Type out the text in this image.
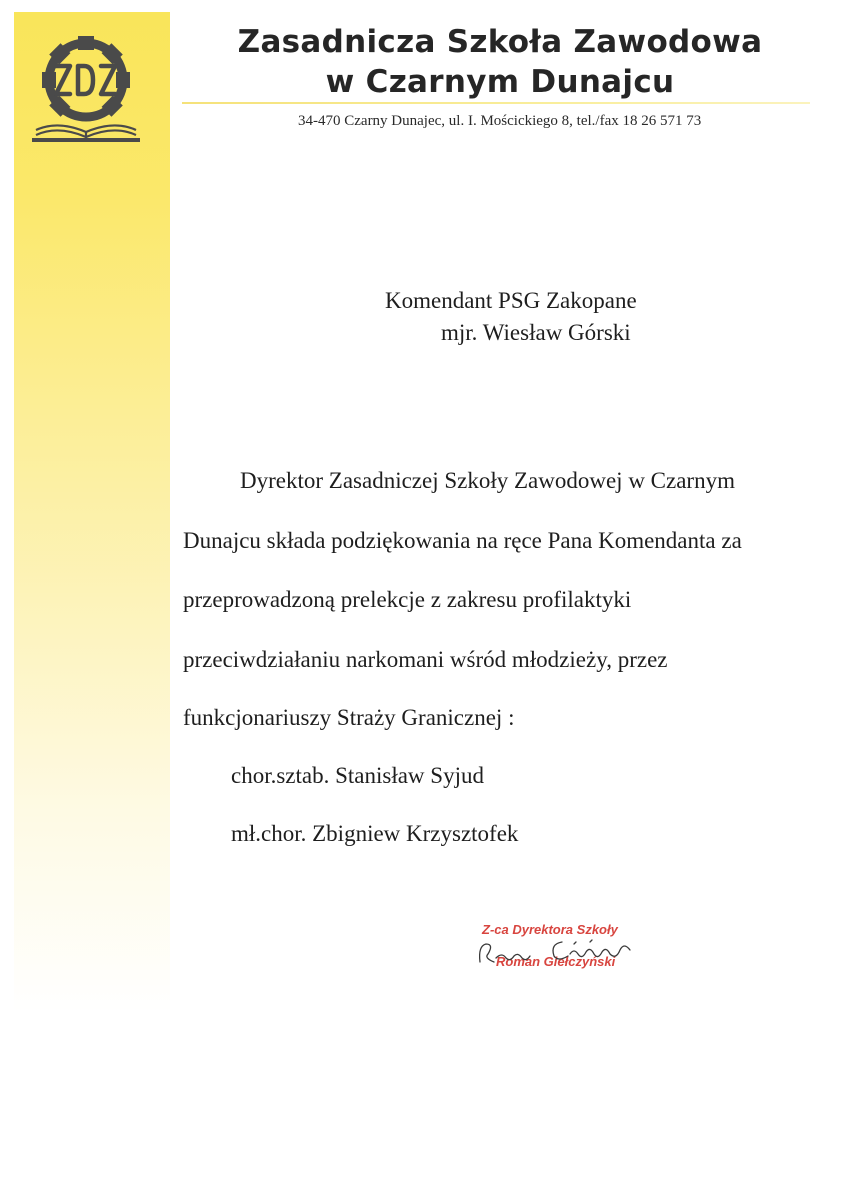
Zasadnicza Szkoła Zawodowa
w Czarnym Dunajcu
34-470 Czarny Dunajec, ul. I. Mościckiego 8, tel./fax 18 26 571 73
Komendant PSG Zakopane
mjr. Wiesław Górski
Dyrektor Zasadniczej Szkoły Zawodowej w Czarnym
Dunajcu składa podziękowania na ręce Pana Komendanta za
przeprowadzoną prelekcje z zakresu profilaktyki
przeciwdziałaniu narkomani wśród młodzieży, przez
funkcjonariuszy Straży Granicznej :
chor.sztab. Stanisław Syjud
mł.chor. Zbigniew Krzysztofek
Z-ca Dyrektora Szkoły
Roman Giełczyński
